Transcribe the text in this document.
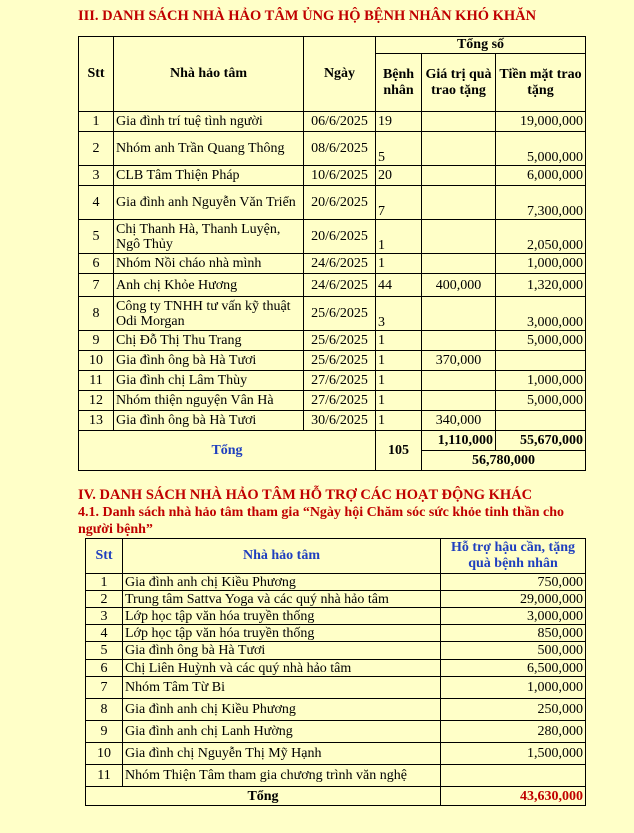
III. DANH SÁCH NHÀ HẢO TÂM ỦNG HỘ BỆNH NHÂN KHÓ KHĂN
Stt	Nhà hảo tâm	Ngày	Tổng số		
			Bệnh nhân	Giá trị quà trao tặng	Tiền mặt trao tặng
1	Gia đình trí tuệ tình người	06/6/2025	19		19,000,000
2	Nhóm anh Trần Quang Thông	08/6/2025	5		5,000,000
3	CLB Tâm Thiện Pháp	10/6/2025	20		6,000,000
4	Gia đình anh Nguyễn Văn Triển	20/6/2025	7		7,300,000
5	Chị Thanh Hà, Thanh Luyện, Ngô Thủy	20/6/2025	1		2,050,000
6	Nhóm Nồi cháo nhà mình	24/6/2025	1		1,000,000
7	Anh chị Khỏe Hương	24/6/2025	44	400,000	1,320,000
8	Công ty TNHH tư vấn kỹ thuật Odi Morgan	25/6/2025	3		3,000,000
9	Chị Đỗ Thị Thu Trang	25/6/2025	1		5,000,000
10	Gia đình ông bà Hà Tươi	25/6/2025	1	370,000	
11	Gia đình chị Lâm Thùy	27/6/2025	1		1,000,000
12	Nhóm thiện nguyện Vân Hà	27/6/2025	1		5,000,000
13	Gia đình ông bà Hà Tươi	30/6/2025	1	340,000	
Tổng			105	1,110,000	55,670,000
				56,780,000	
IV. DANH SÁCH NHÀ HẢO TÂM HỖ TRỢ CÁC HOẠT ĐỘNG KHÁC
4.1. Danh sách nhà hảo tâm tham gia “Ngày hội Chăm sóc sức khỏe tinh thần cho người bệnh”
Stt	Nhà hảo tâm	Hỗ trợ hậu cần, tặng quà bệnh nhân
1	Gia đình anh chị Kiều Phương	750,000
2	Trung tâm Sattva Yoga và các quý nhà hảo tâm	29,000,000
3	Lớp học tập văn hóa truyền thống	3,000,000
4	Lớp học tập văn hóa truyền thống	850,000
5	Gia đình ông bà Hà Tươi	500,000
6	Chị Liên Huỳnh và các quý nhà hảo tâm	6,500,000
7	Nhóm Tâm Từ Bi	1,000,000
8	Gia đình anh chị Kiều Phương	250,000
9	Gia đình anh chị Lanh Hường	280,000
10	Gia đình chị Nguyễn Thị Mỹ Hạnh	1,500,000
11	Nhóm Thiện Tâm tham gia chương trình văn nghệ	
Tổng		43,630,000
